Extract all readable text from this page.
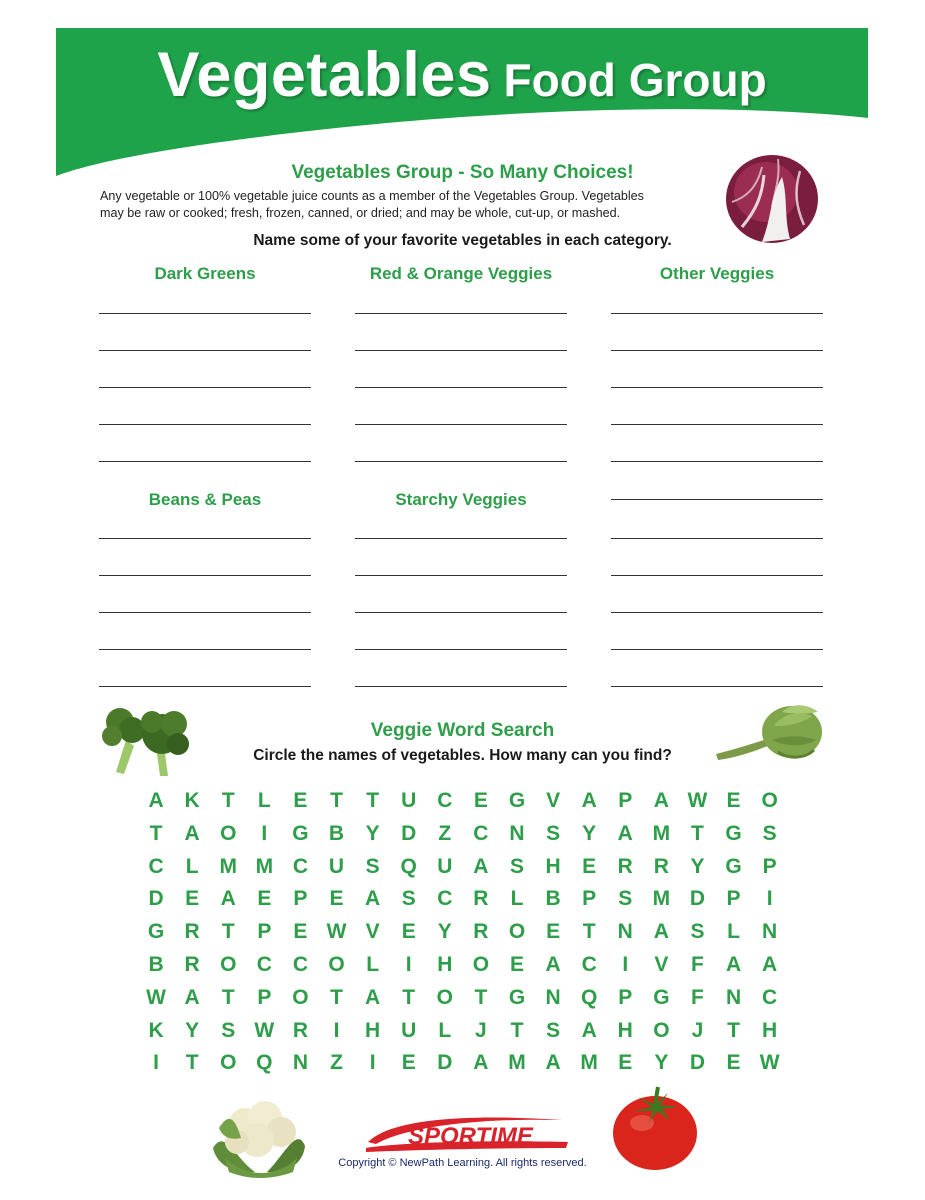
Vegetables Food Group
Vegetables Group - So Many Choices!
Any vegetable or 100% vegetable juice counts as a member of the Vegetables Group. Vegetables
may be raw or cooked; fresh, frozen, canned, or dried; and may be whole, cut-up, or mashed.
Name some of your favorite vegetables in each category.
Dark Greens	Red & Orange Veggies	Other Veggies
Beans & Peas	Starchy Veggies
Veggie Word Search
Circle the names of vegetables. How many can you find?
A K	T	L	E	T	T	U C	E G V	A	P	A W E O
T	A O	I	G B	Y	D	Z	C N	S	Y	A M T	G S
C	L M M C U	S Q U A	S	H	E	R R	Y G P
D	E	A	E	P	E	A	S	C R	L	B	P	S M D	P	I
G R	T	P	E W V	E	Y	R O E	T	N A	S	L	N
B R O C C O	L	I	H O E	A C	I	V	F	A A
W A	T	P O	T	A	T	O	T	G N Q P G	F	N C
K	Y	S W R	I	H U	L	J	T	S	A H O	J	T	H
I	T	O Q N	Z	I	E	D A M A M E	Y	D	E W
SPORTIME
Copyright © NewPath Learning. All rights reserved.
